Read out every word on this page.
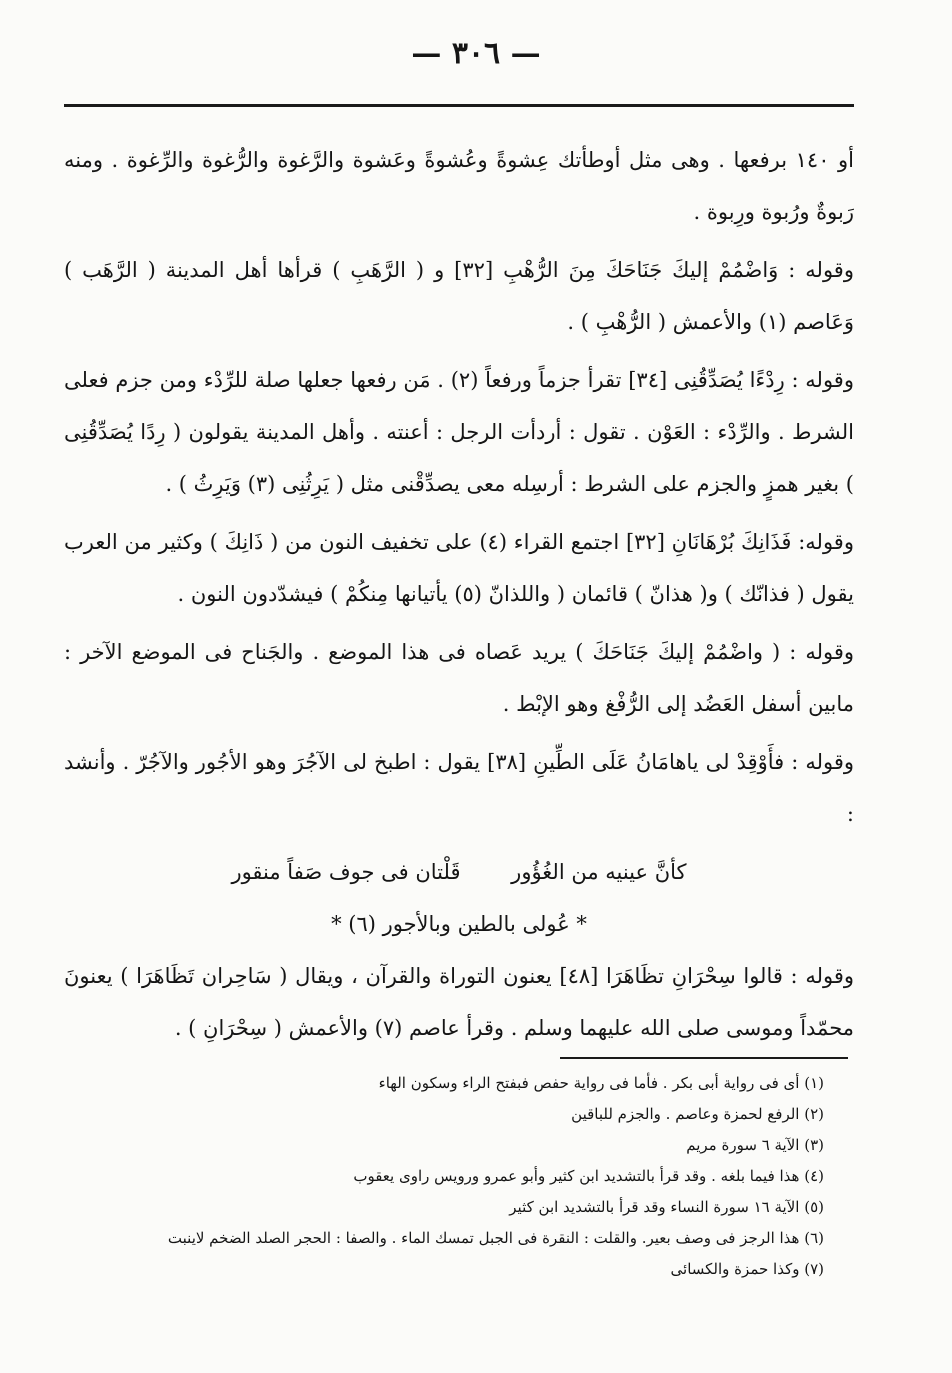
— ٣٠٦ —

أو ١٤٠ برفعها . وهى مثل أوطأتك عِشوةً وعُشوةً وعَشوة والرَّغوة والرُّغوة والرِّغوة . ومنه رَبوةٌ ورُبوة ورِبوة .

وقوله : وَاضْمُمْ إليكَ جَنَاحَكَ مِنَ الرُّهْبِ [٣٢] و ( الرَّهَبِ ) قرأها أهل المدينة ( الرَّهَب ) وَعَاصم (١) والأعمش ( الرُّهْبِ ) .

وقوله : رِدْءًا يُصَدِّقُنِى [٣٤] تقرأ جزماً ورفعاً (٢) . مَن رفعها جعلها صلة للرِّدْء ومن جزم فعلى الشرط . والرِّدْء : العَوْن . تقول : أردأت الرجل : أعنته . وأهل المدينة يقولون ( رِدًا يُصَدِّقُنِى ) بغير همزٍ والجزم على الشرط : أرسِله معى يصدِّقْنى مثل ( يَرِثُنِى (٣) وَيَرِثُ ) .

وقوله: فَذَانِكَ بُرْهَانَانِ [٣٢] اجتمع القراء (٤) على تخفيف النون من ( ذَانِكَ ) وكثير من العرب يقول ( فذانّك ) و( هذانّ ) قائمان ( واللذانّ (٥) يأتيانها مِنكُمْ ) فيشدّدون النون .

وقوله : ( واضْمُمْ إليكَ جَنَاحَكَ ) يريد عَصاه فى هذا الموضع . والجَناح فى الموضع الآخر : مابين أسفل العَضُد إلى الرُّفْغ وهو الإبْط .

وقوله : فأَوْقِدْ لى ياهامَانُ عَلَى الطِّينِ [٣٨] يقول : اطبخ لى الآجُرَ وهو الأجُور والآجُرّ . وأنشد :

كأنَّ عينيه من الغُؤُور قَلْتان فى جوف صَفاً منقور
* عُولى بالطين وبالأجور (٦) *

وقوله : قالوا سِحْرَانِ تظَاهَرَا [٤٨] يعنون التوراة والقرآن ، ويقال ( سَاحِران تَظَاهَرَا ) يعنونَ محمّداً وموسى صلى الله عليهما وسلم . وقرأ عاصم (٧) والأعمش ( سِحْرَانِ ) .

(١) أى فى رواية أبى بكر . فأما فى رواية حفص فبفتح الراء وسكون الهاء

(٢) الرفع لحمزة وعاصم . والجزم للباقين

(٣) الآية ٦ سورة مريم

(٤) هذا فيما بلغه . وقد قرأ بالتشديد ابن كثير وأبو عمرو ورويس راوى يعقوب

(٥) الآية ١٦ سورة النساء وقد قرأ بالتشديد ابن كثير

(٦) هذا الرجز فى وصف بعير. والقلت : النقرة فى الجبل تمسك الماء . والصفا : الحجر الصلد الضخم لاينبت

(٧) وكذا حمزة والكسائى
